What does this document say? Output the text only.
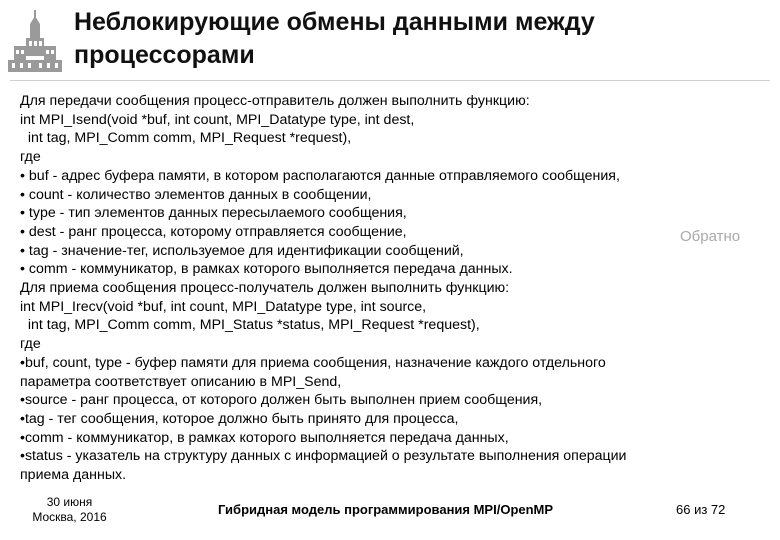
Неблокирующие обмены данными между процессорами
Для передачи сообщения процесс-отправитель должен выполнить функцию:
int MPI_Isend(void *buf, int count, MPI_Datatype type, int dest,
int tag, MPI_Comm comm, MPI_Request *request),
где
• buf - адрес буфера памяти, в котором располагаются данные отправляемого сообщения,
• count - количество элементов данных в сообщении,
• type - тип элементов данных пересылаемого сообщения,
• dest - ранг процесса, которому отправляется сообщение,
• tag - значение-тег, используемое для идентификации сообщений,
• comm - коммуникатор, в рамках которого выполняется передача данных.
Для приема сообщения процесс-получатель должен выполнить функцию:
int MPI_Irecv(void *buf, int count, MPI_Datatype type, int source,
int tag, MPI_Comm comm, MPI_Status *status, MPI_Request *request),
где
•buf, count, type - буфер памяти для приема сообщения, назначение каждого отдельного
параметра соответствует описанию в MPI_Send,
•source - ранг процесса, от которого должен быть выполнен прием сообщения,
•tag - тег сообщения, которое должно быть принято для процесса,
•comm - коммуникатор, в рамках которого выполняется передача данных,
•status - указатель на структуру данных с информацией о результате выполнения операции
приема данных.
Обратно
30 июня
Москва, 2016	Гибридная модель программирования MPI/OpenMP	66 из 72
